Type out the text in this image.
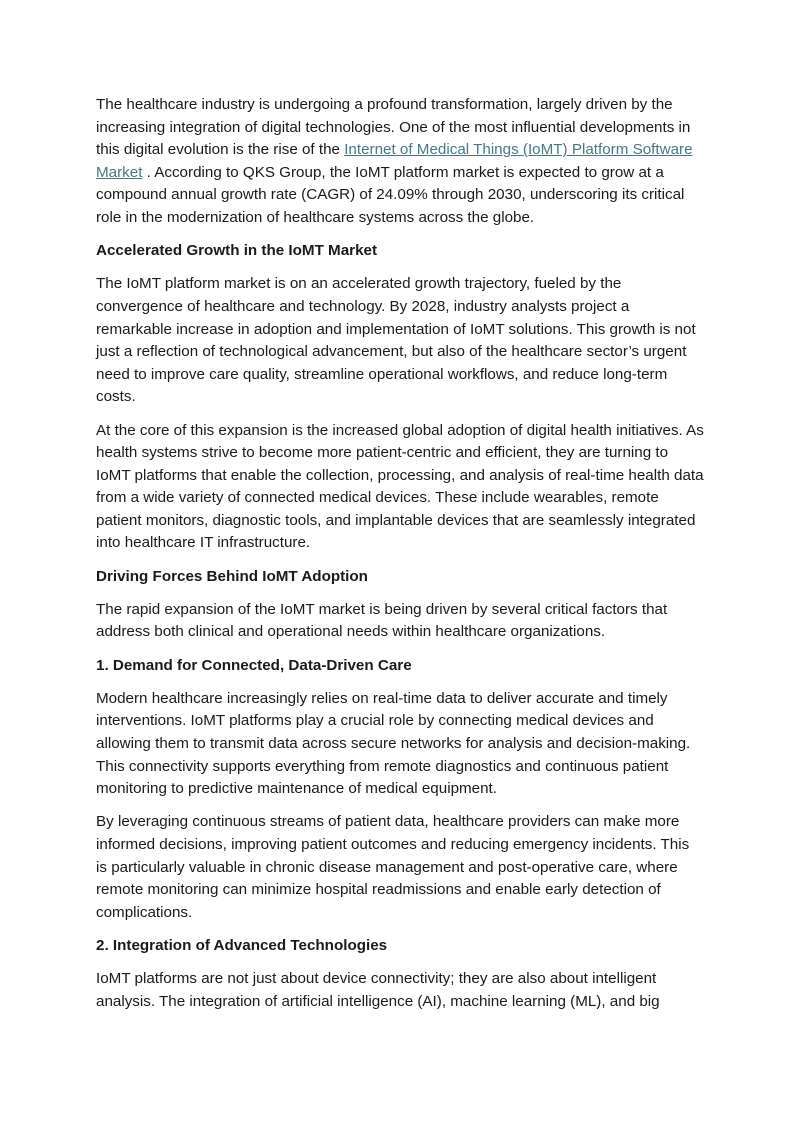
The healthcare industry is undergoing a profound transformation, largely driven by the increasing integration of digital technologies. One of the most influential developments in this digital evolution is the rise of the Internet of Medical Things (IoMT) Platform Software Market . According to QKS Group, the IoMT platform market is expected to grow at a compound annual growth rate (CAGR) of 24.09% through 2030, underscoring its critical role in the modernization of healthcare systems across the globe.

Accelerated Growth in the IoMT Market

The IoMT platform market is on an accelerated growth trajectory, fueled by the convergence of healthcare and technology. By 2028, industry analysts project a remarkable increase in adoption and implementation of IoMT solutions. This growth is not just a reflection of technological advancement, but also of the healthcare sector’s urgent need to improve care quality, streamline operational workflows, and reduce long-term costs.

At the core of this expansion is the increased global adoption of digital health initiatives. As health systems strive to become more patient-centric and efficient, they are turning to IoMT platforms that enable the collection, processing, and analysis of real-time health data from a wide variety of connected medical devices. These include wearables, remote patient monitors, diagnostic tools, and implantable devices that are seamlessly integrated into healthcare IT infrastructure.

Driving Forces Behind IoMT Adoption

The rapid expansion of the IoMT market is being driven by several critical factors that address both clinical and operational needs within healthcare organizations.

1. Demand for Connected, Data-Driven Care

Modern healthcare increasingly relies on real-time data to deliver accurate and timely interventions. IoMT platforms play a crucial role by connecting medical devices and allowing them to transmit data across secure networks for analysis and decision-making. This connectivity supports everything from remote diagnostics and continuous patient monitoring to predictive maintenance of medical equipment.

By leveraging continuous streams of patient data, healthcare providers can make more informed decisions, improving patient outcomes and reducing emergency incidents. This is particularly valuable in chronic disease management and post-operative care, where remote monitoring can minimize hospital readmissions and enable early detection of complications.

2. Integration of Advanced Technologies

IoMT platforms are not just about device connectivity; they are also about intelligent analysis. The integration of artificial intelligence (AI), machine learning (ML), and big
